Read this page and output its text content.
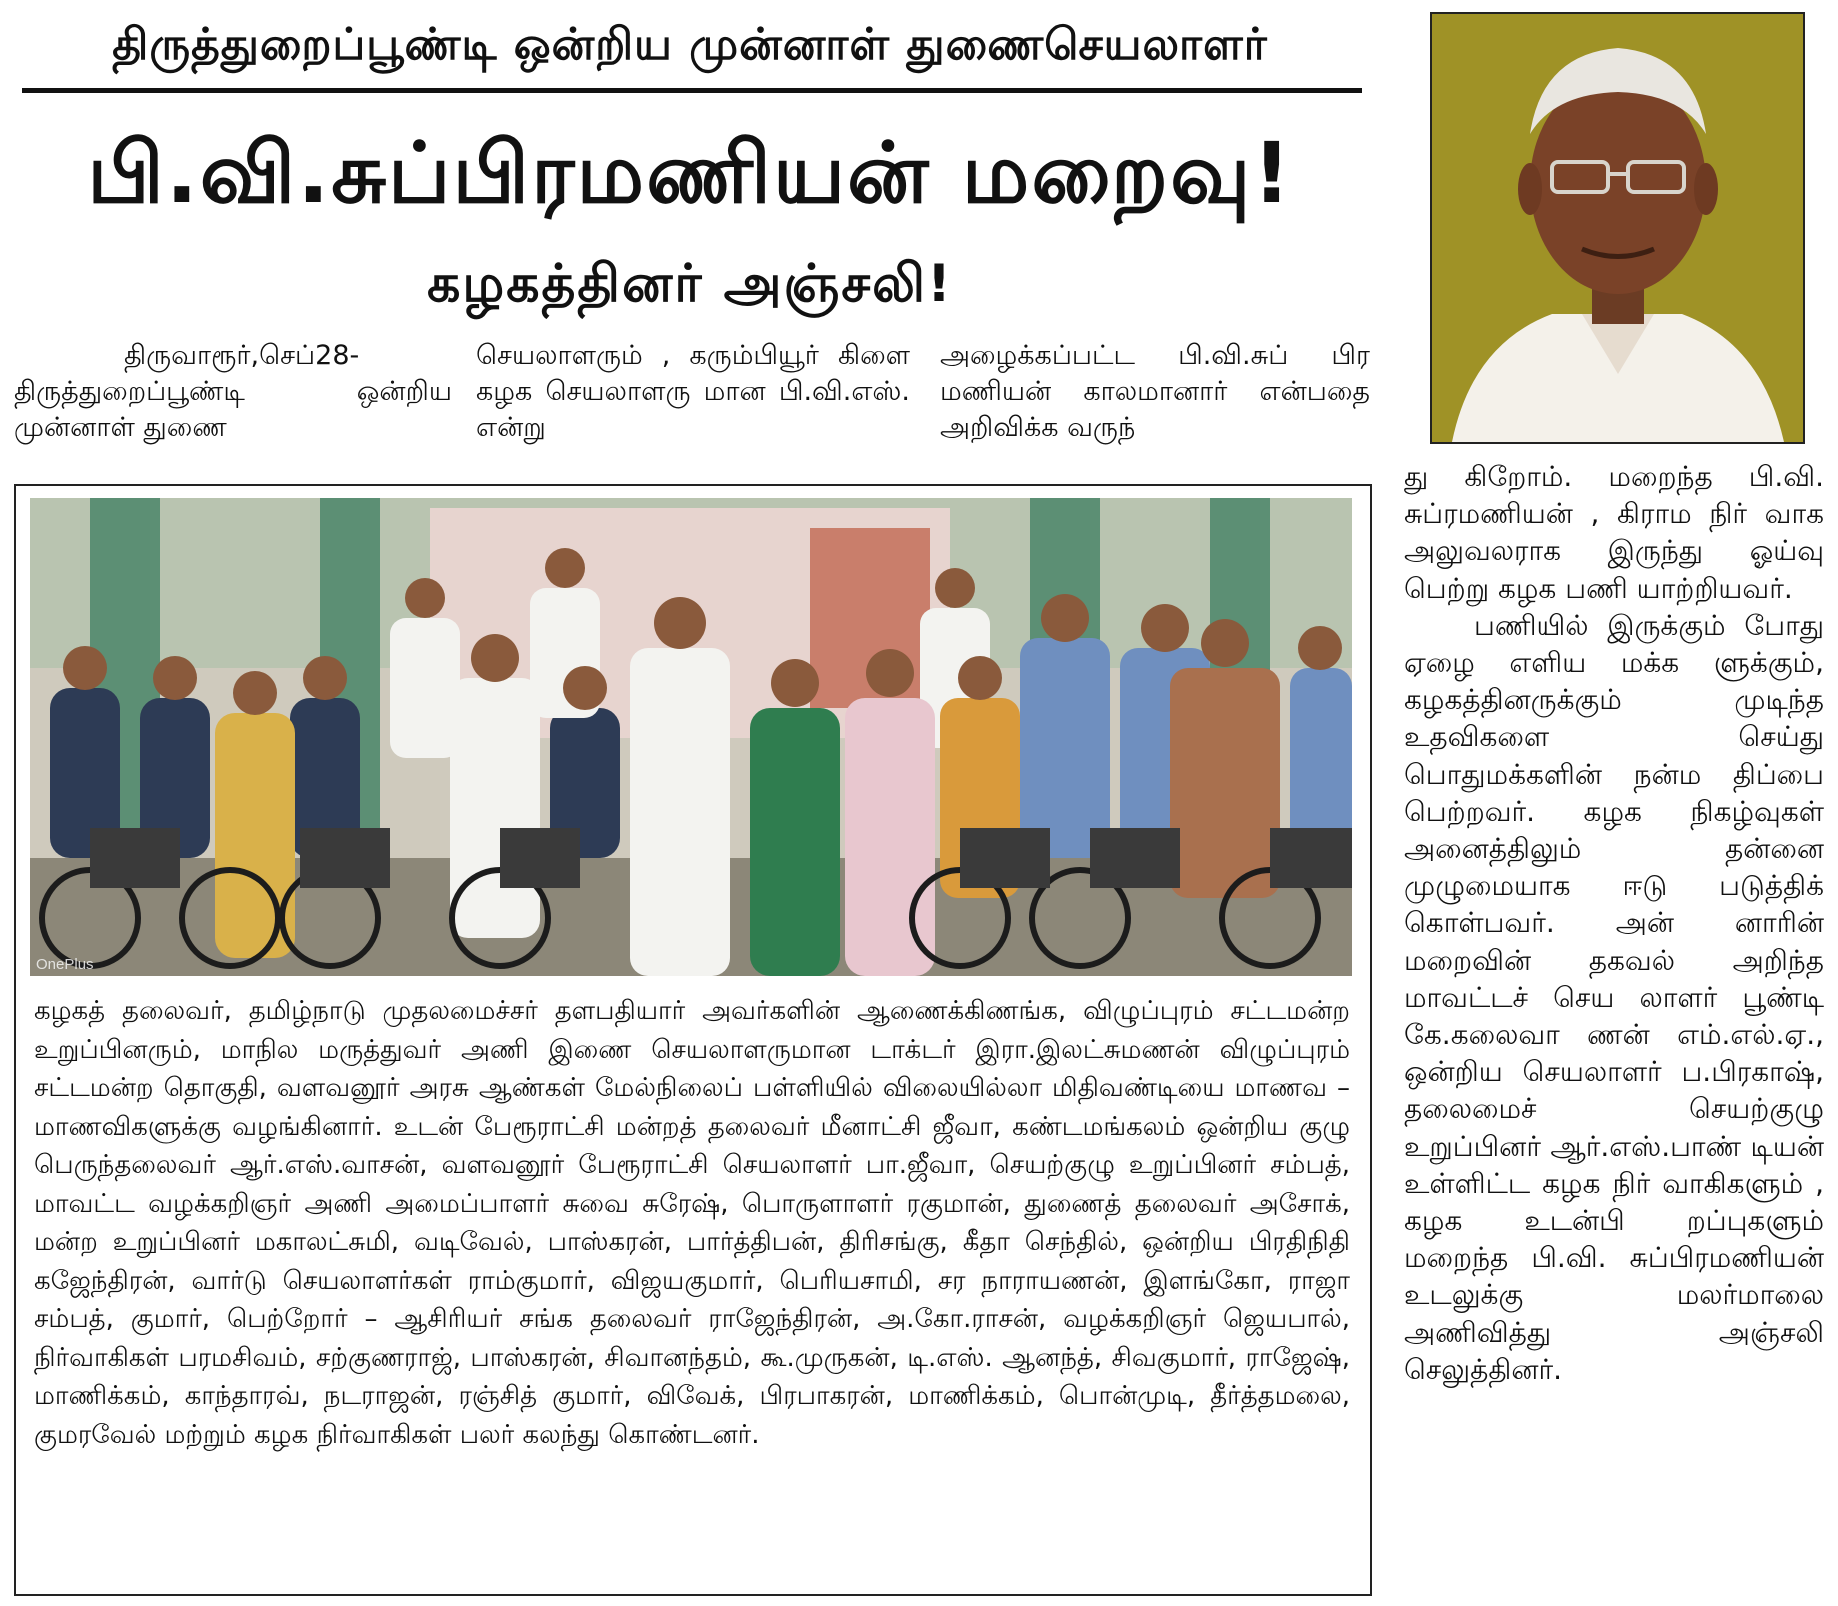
திருத்துறைப்பூண்டி ஒன்றிய முன்னாள் துணைசெயலாளர்
பி.வி.சுப்பிரமணியன் மறைவு!
கழகத்தினர் அஞ்சலி!

திருவாரூர்,செப்28- திருத்துறைப்பூண்டி ஒன்றிய முன்னாள் துணை

செயலாளரும் , கரும்பியூர் கிளை கழக செயலாளரு மான பி.வி.எஸ். என்று

அழைக்கப்பட்ட பி.வி.சுப் பிர மணியன் காலமானார் என்பதை அறிவிக்க வருந்

OnePlus

கழகத் தலைவர், தமிழ்நாடு முதலமைச்சர் தளபதியார் அவர்களின் ஆணைக்கிணங்க, விழுப்புரம் சட்டமன்ற உறுப்பினரும், மாநில மருத்துவர் அணி இணை செயலாளருமான டாக்டர் இரா.இலட்சுமணன் விழுப்புரம் சட்டமன்ற தொகுதி, வளவனூர் அரசு ஆண்கள் மேல்நிலைப் பள்ளியில் விலையில்லா மிதிவண்டியை மாணவ – மாணவிகளுக்கு வழங்கினார். உடன் பேரூராட்சி மன்றத் தலைவர் மீனாட்சி ஜீவா, கண்டமங்கலம் ஒன்றிய குழு பெருந்தலைவர் ஆர்.எஸ்.வாசன், வளவனூர் பேரூராட்சி செயலாளர் பா.ஜீவா, செயற்குழு உறுப்பினர் சம்பத், மாவட்ட வழக்கறிஞர் அணி அமைப்பாளர் சுவை சுரேஷ், பொருளாளர் ரகுமான், துணைத் தலைவர் அசோக், மன்ற உறுப்பினர் மகாலட்சுமி, வடிவேல், பாஸ்கரன், பார்த்திபன், திரிசங்கு, கீதா செந்தில், ஒன்றிய பிரதிநிதி கஜேந்திரன், வார்டு செயலாளர்கள் ராம்குமார், விஜயகுமார், பெரியசாமி, சர நாராயணன், இளங்கோ, ராஜா சம்பத், குமார், பெற்றோர் – ஆசிரியர் சங்க தலைவர் ராஜேந்திரன், அ.கோ.ராசன், வழக்கறிஞர் ஜெயபால், நிர்வாகிகள் பரமசிவம், சற்குணராஜ், பாஸ்கரன், சிவானந்தம், கூ.முருகன், டி.எஸ். ஆனந்த், சிவகுமார், ராஜேஷ், மாணிக்கம், காந்தாரவ், நடராஜன், ரஞ்சித் குமார், விவேக், பிரபாகரன், மாணிக்கம், பொன்முடி, தீர்த்தமலை, குமரவேல் மற்றும் கழக நிர்வாகிகள் பலர் கலந்து கொண்டனர்.

து கிறோம். மறைந்த பி.வி. சுப்ரமணியன் , கிராம நிர் வாக அலுவலராக இருந்து ஓய்வு பெற்று கழக பணி யாற்றியவர்.

பணியில் இருக்கும் போது ஏழை எளிய மக்க ளுக்கும், கழகத்தினருக்கும் முடிந்த உதவிகளை செய்து பொதுமக்களின் நன்ம திப்பை பெற்றவர். கழக நிகழ்வுகள் அனைத்திலும் தன்னை முழுமையாக ஈடு படுத்திக் கொள்பவர். அன் னாரின் மறைவின் தகவல் அறிந்த மாவட்டச் செய லாளர் பூண்டி கே.கலைவா ணன் எம்.எல்.ஏ., ஒன்றிய செயலாளர் ப.பிரகாஷ், தலைமைச் செயற்குழு உறுப்பினர் ஆர்.எஸ்.பாண் டியன் உள்ளிட்ட கழக நிர் வாகிகளும் , கழக உடன்பி றப்புகளும் மறைந்த பி.வி. சுப்பிரமணியன் உடலுக்கு மலர்மாலை அணிவித்து அஞ்சலி செலுத்தினர்.
